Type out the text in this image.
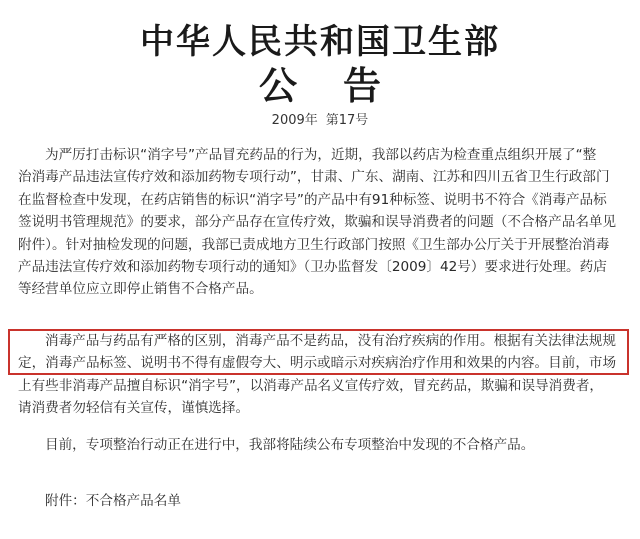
中华人民共和国卫生部
公告
2009年 第17号
为严厉打击标识“消字号”产品冒充药品的行为，近期，我部以药店为检查重点组织开展了“整
治消毒产品违法宣传疗效和添加药物专项行动”，甘肃、广东、湖南、江苏和四川五省卫生行政部门
在监督检查中发现，在药店销售的标识“消字号”的产品中有91种标签、说明书不符合《消毒产品标
签说明书管理规范》的要求，部分产品存在宣传疗效，欺骗和误导消费者的问题（不合格产品名单见
附件）。针对抽检发现的问题，我部已责成地方卫生行政部门按照《卫生部办公厅关于开展整治消毒
产品违法宣传疗效和添加药物专项行动的通知》（卫办监督发〔2009〕42号）要求进行处理。药店
等经营单位应立即停止销售不合格产品。
消毒产品与药品有严格的区别，消毒产品不是药品，没有治疗疾病的作用。根据有关法律法规规
定，消毒产品标签、说明书不得有虚假夸大、明示或暗示对疾病治疗作用和效果的内容。目前，市场
上有些非消毒产品擅自标识“消字号”，以消毒产品名义宣传疗效，冒充药品，欺骗和误导消费者，
请消费者勿轻信有关宣传，谨慎选择。
目前，专项整治行动正在进行中，我部将陆续公布专项整治中发现的不合格产品。
附件：不合格产品名单
